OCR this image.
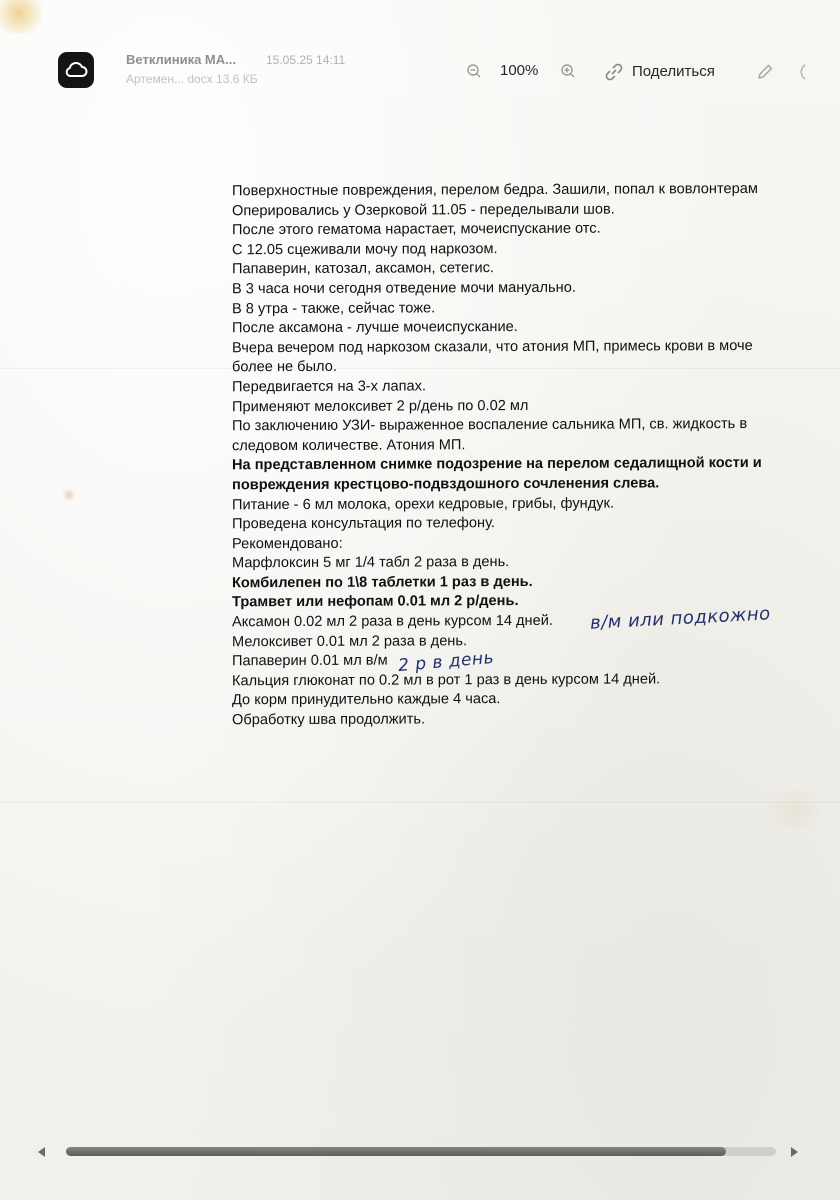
Ветклиника МА...	15.05.25 14:11
Артемен... docx 13.6 КБ	100%	Поделиться
Поверхностные повреждения, перелом бедра. Зашили, попал к вовлонтерам
Оперировались у Озерковой 11.05 - переделывали шов.
После этого гематома нарастает, мочеиспускание отс.
С 12.05 сцеживали мочу под наркозом.
Папаверин, катозал, аксамон, сетегис.
В 3 часа ночи сегодня отведение мочи мануально.
В 8 утра - также, сейчас тоже.
После аксамона - лучше мочеиспускание.
Вчера вечером под наркозом сказали, что атония МП, примесь крови в моче
более не было.
Передвигается на 3-х лапах.
Применяют мелоксивет 2 р/день по 0.02 мл
По заключению УЗИ- выраженное воспаление сальника МП, св. жидкость в
следовом количестве. Атония МП.
На представленном снимке подозрение на перелом седалищной кости и
повреждения крестцово-подвздошного сочленения слева.
Питание - 6 мл молока, орехи кедровые, грибы, фундук.
Проведена консультация по телефону.
Рекомендовано:
Марфлоксин 5 мг 1/4 табл 2 раза в день.
Комбилепен по 1\8 таблетки 1 раз в день.
Трамвет или нефопам 0.01 мл 2 р/день.
Аксамон 0.02 мл 2 раза в день курсом 14 дней.
Мелоксивет 0.01 мл 2 раза в день.
Папаверин 0.01 мл в/м
Кальция глюконат по 0.2 мл в рот 1 раз в день курсом 14 дней.
До корм принудительно каждые 4 часа.
Обработку шва продолжить.
в/м или подкожно
2 р в день
